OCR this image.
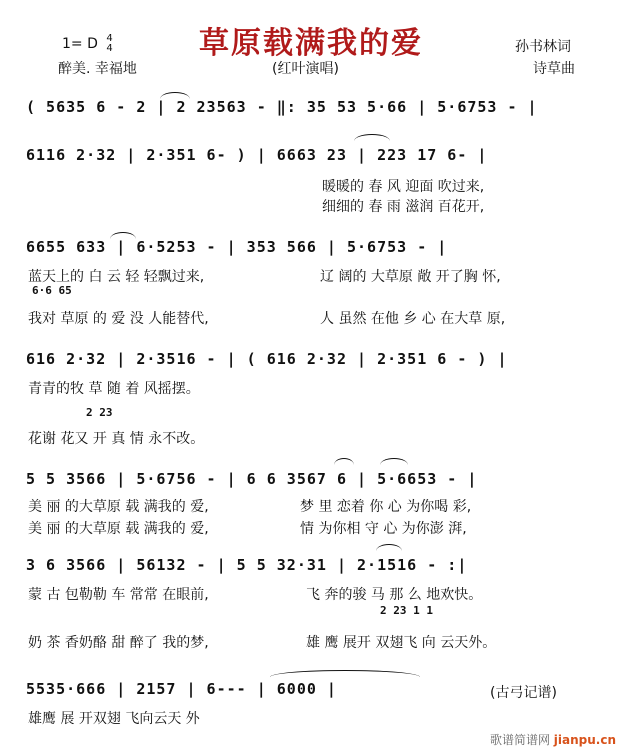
草原载满我的爱
1= D 4
4
醉美. 幸福地	(红叶演唱)
孙书林词
诗草曲
( 5635 6 - 2 | 2 23563 - ‖: 35 53 5·66 | 5·6753 - |
6116 2·32 | 2·351 6- ) | 6663 23 | 223 17 6- |
暖暖的 春 风 迎面 吹过来,
细细的 春 雨 滋润 百花开,
6655 633 | 6·5253 - | 353 566 | 5·6753 - |
蓝天上的 白 云 轻 轻飘过来,	辽 阔的 大草原 敞 开了胸 怀,
6·6 65
我对 草原 的 爱 没 人能替代,	人 虽然 在他 乡 心 在大草 原,
616 2·32 | 2·3516 - | ( 616 2·32 | 2·351 6 - ) |
青青的牧 草 随 着 风摇摆。
2 23
花谢 花又 开 真 情 永不改。
5 5 3566 | 5·6756 - | 6 6 3567 6 | 5·6653 - |
美 丽 的大草原 载 满我的 爱,	梦 里 恋着 你 心 为你喝 彩,
美 丽 的大草原 载 满我的 爱,	情 为你相 守 心 为你澎 湃,
3 6 3566 | 56132 - | 5 5 32·31 | 2·1516 - :|
蒙 古 包勒勒 车 常常 在眼前,	飞 奔的骏 马 那 么 地欢快。
2 23 1 1
奶 茶 香奶酪 甜 醉了 我的梦,	雄 鹰 展开 双翅飞 向 云天外。
5535·666 | 2157 | 6--- | 6000 |	(古弓记谱)
雄鹰 展 开双翅 飞向云天 外
歌谱简谱网 jianpu.cn
